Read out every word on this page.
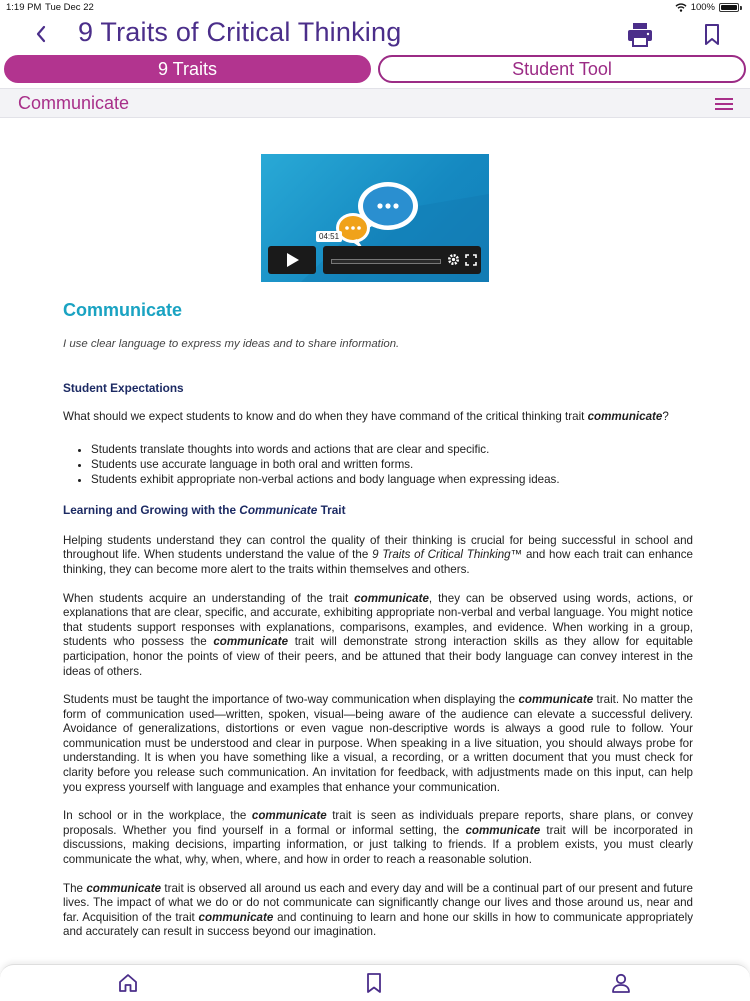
1:19 PM Tue Dec 22	100%
9 Traits of Critical Thinking
9 Traits	Student Tool
Communicate
04:51
Communicate
I use clear language to express my ideas and to share information.
Student Expectations

What should we expect students to know and do when they have command of the critical thinking trait communicate?

• Students translate thoughts into words and actions that are clear and specific.
• Students use accurate language in both oral and written forms.
• Students exhibit appropriate non-verbal actions and body language when expressing ideas.
Learning and Growing with the Communicate Trait

Helping students understand they can control the quality of their thinking is crucial for being successful in school and throughout life. When students understand the value of the 9 Traits of Critical Thinking™ and how each trait can enhance thinking, they can become more alert to the traits within themselves and others.

When students acquire an understanding of the trait communicate, they can be observed using words, actions, or explanations that are clear, specific, and accurate, exhibiting appropriate non-verbal and verbal language. You might notice that students support responses with explanations, comparisons, examples, and evidence. When working in a group, students who possess the communicate trait will demonstrate strong interaction skills as they allow for equitable participation, honor the points of view of their peers, and be attuned that their body language can convey interest in the ideas of others.

Students must be taught the importance of two-way communication when displaying the communicate trait. No matter the form of communication used—written, spoken, visual—being aware of the audience can elevate a successful delivery. Avoidance of generalizations, distortions or even vague non-descriptive words is always a good rule to follow. Your communication must be understood and clear in purpose. When speaking in a live situation, you should always probe for understanding. It is when you have something like a visual, a recording, or a written document that you must check for clarity before you release such communication. An invitation for feedback, with adjustments made on this input, can help you express yourself with language and examples that enhance your communication.

In school or in the workplace, the communicate trait is seen as individuals prepare reports, share plans, or convey proposals. Whether you find yourself in a formal or informal setting, the communicate trait will be incorporated in discussions, making decisions, imparting information, or just talking to friends. If a problem exists, you must clearly communicate the what, why, when, where, and how in order to reach a reasonable solution.

The communicate trait is observed all around us each and every day and will be a continual part of our present and future lives. The impact of what we do or do not communicate can significantly change our lives and those around us, near and far. Acquisition of the trait communicate and continuing to learn and hone our skills in how to communicate appropriately and accurately can result in success beyond our imagination.
